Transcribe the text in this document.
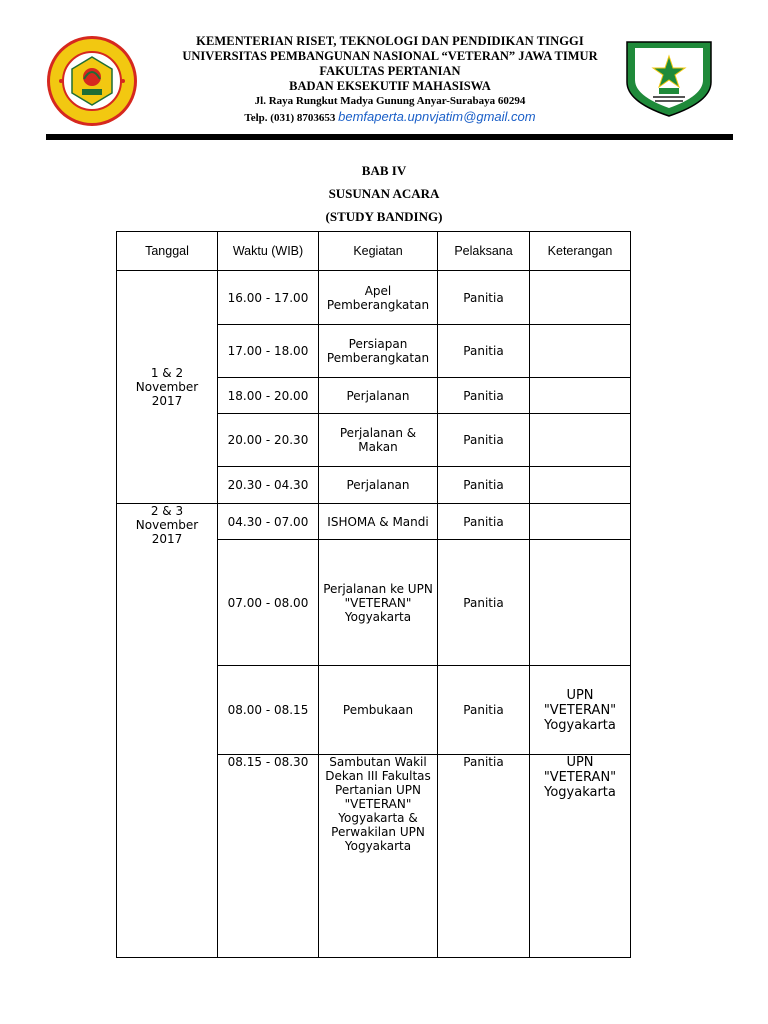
KEMENTERIAN RISET, TEKNOLOGI DAN PENDIDIKAN TINGGI
UNIVERSITAS PEMBANGUNAN NASIONAL “VETERAN” JAWA TIMUR
FAKULTAS PERTANIAN
BADAN EKSEKUTIF MAHASISWA
Jl. Raya Rungkut Madya Gunung Anyar-Surabaya 60294
Telp. (031) 8703653 bemfaperta.upnvjatim@gmail.com
BAB IV
SUSUNAN ACARA
(STUDY BANDING)
Tanggal	Waktu (WIB)	Kegiatan	Pelaksana	Keterangan
1 & 2 November 2017	16.00 - 17.00	Apel Pemberangkatan	Panitia	
	17.00 - 18.00	Persiapan Pemberangkatan	Panitia	
	18.00 - 20.00	Perjalanan	Panitia	
	20.00 - 20.30	Perjalanan & Makan	Panitia	
	20.30 - 04.30	Perjalanan	Panitia	
2 & 3 November 2017	04.30 - 07.00	ISHOMA & Mandi	Panitia	
	07.00 - 08.00	Perjalanan ke UPN "VETERAN" Yogyakarta	Panitia	
	08.00 - 08.15	Pembukaan	Panitia	UPN "VETERAN" Yogyakarta
	08.15 - 08.30	Sambutan Wakil Dekan III Fakultas Pertanian UPN "VETERAN" Yogyakarta & Perwakilan UPN Yogyakarta	Panitia	UPN "VETERAN" Yogyakarta
